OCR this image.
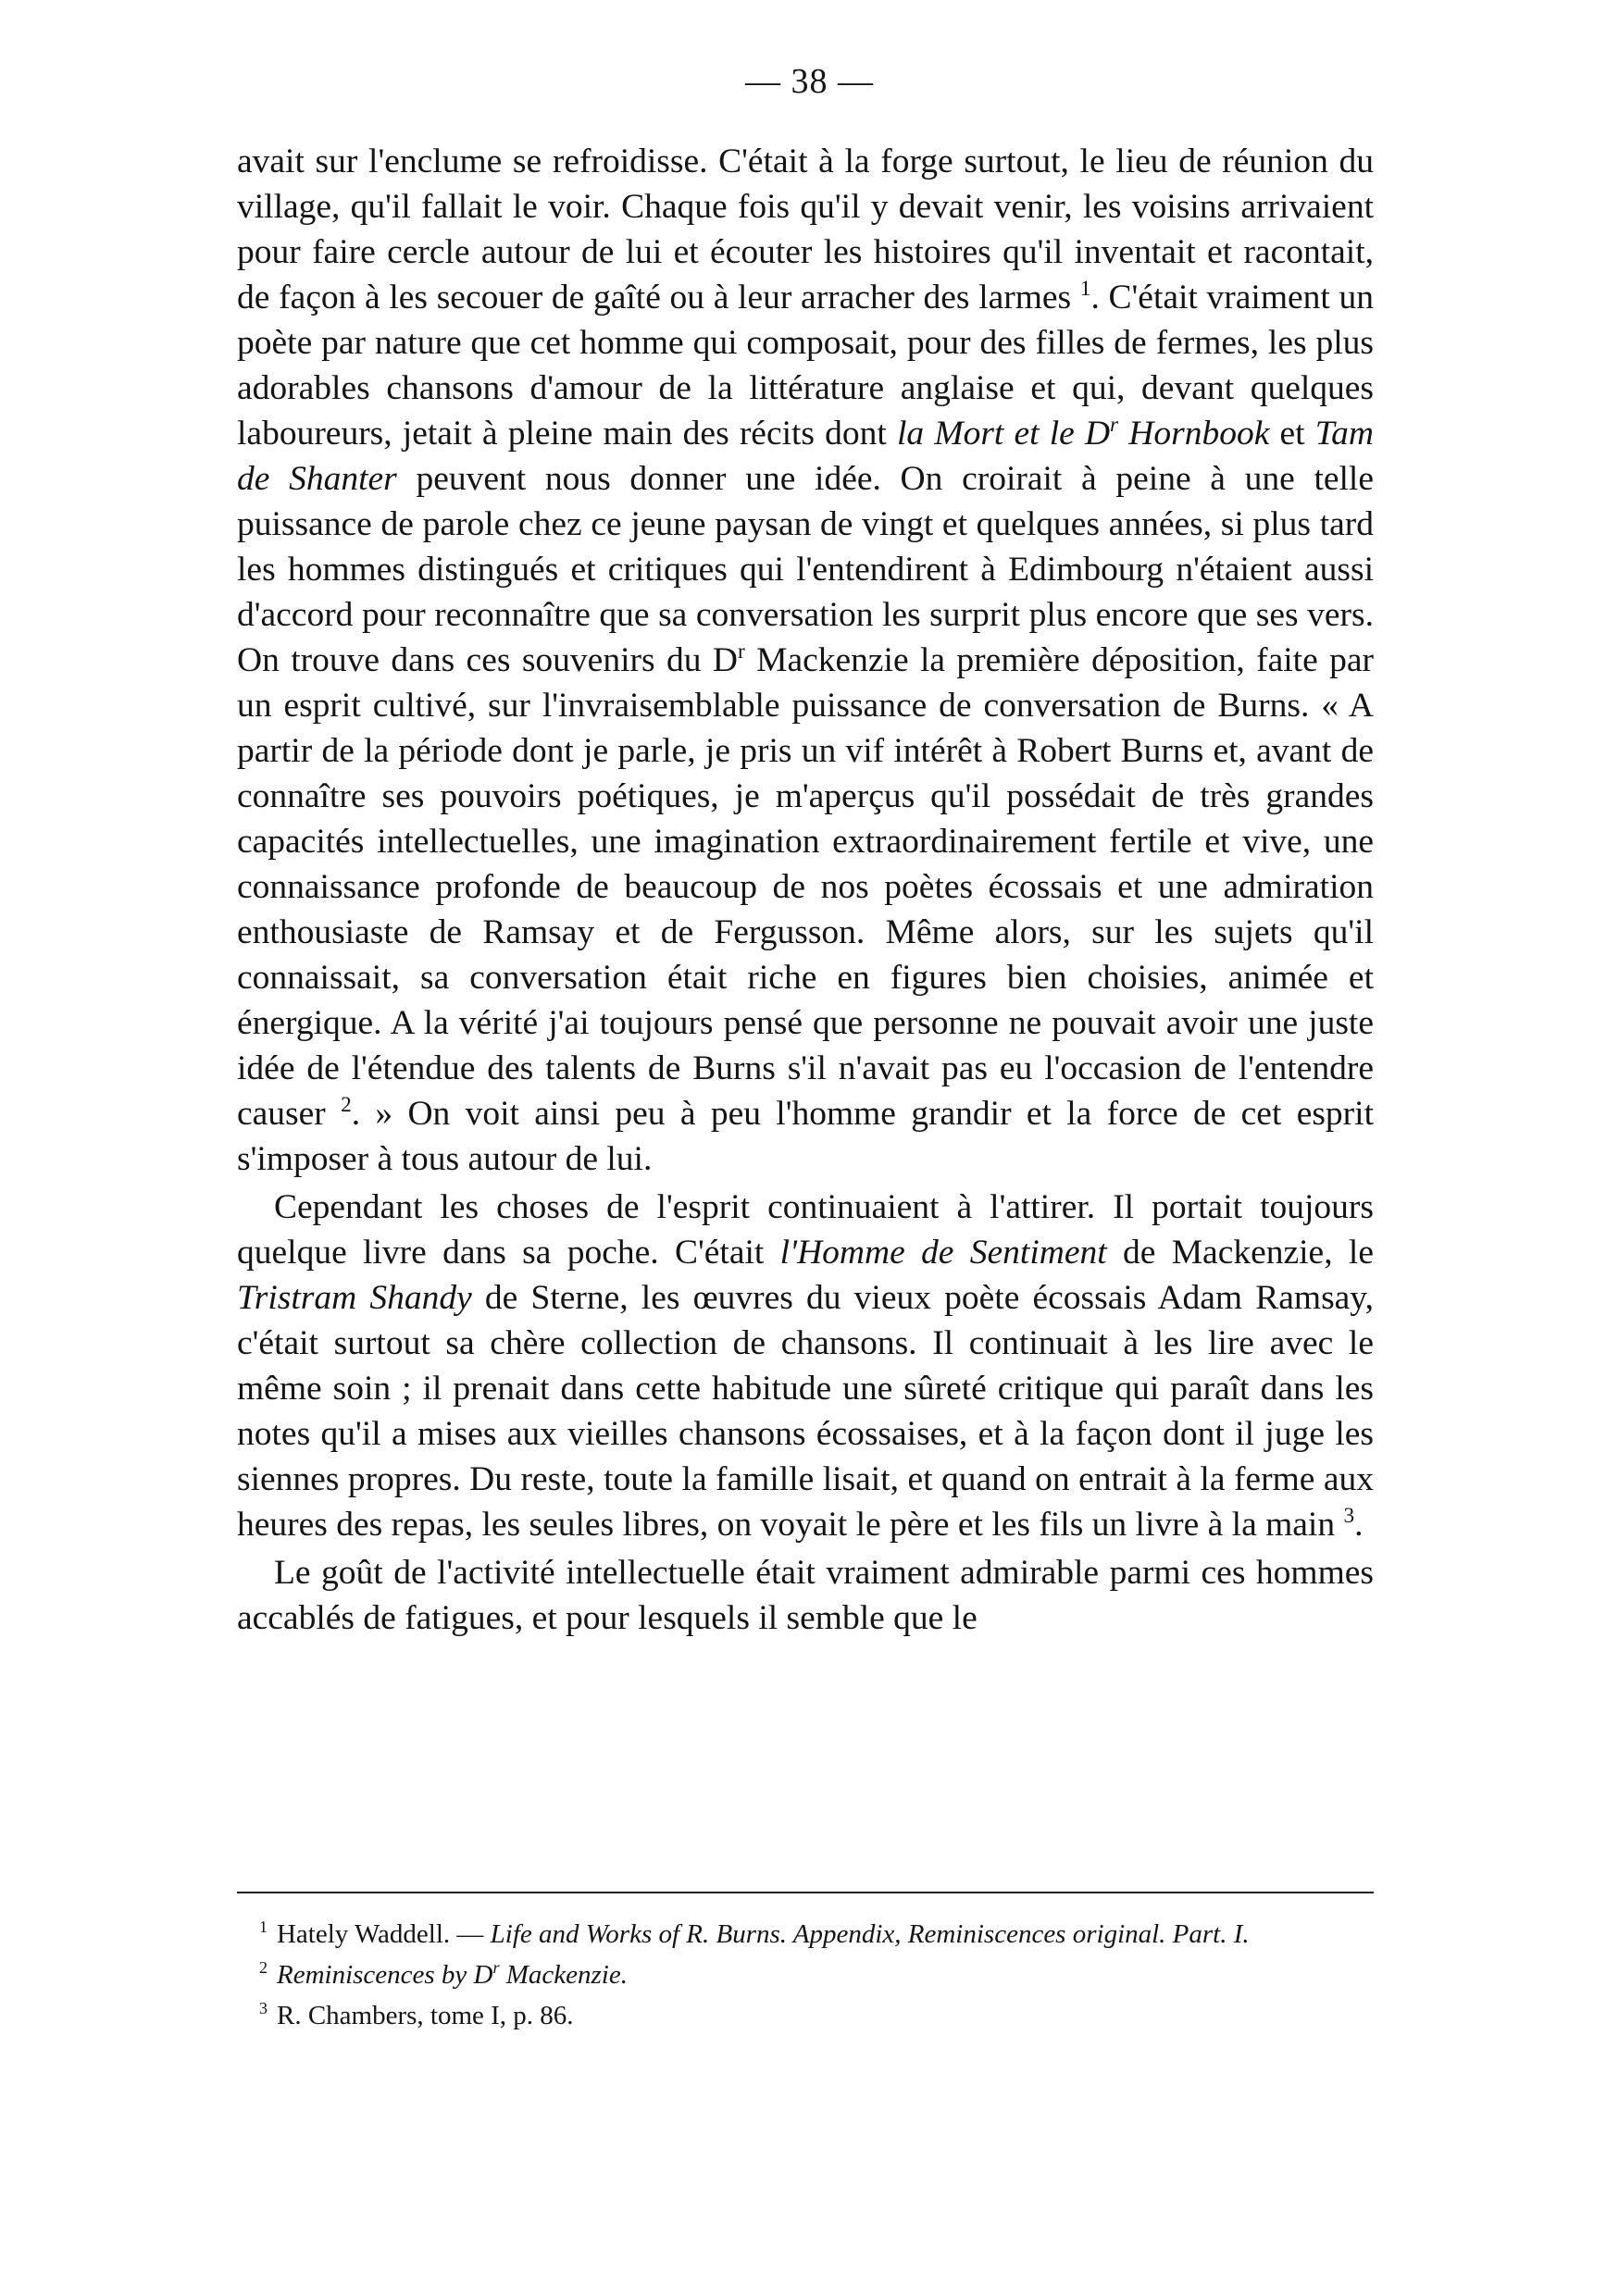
— 38 —

avait sur l'enclume se refroidisse. C'était à la forge surtout, le lieu de réunion du village, qu'il fallait le voir. Chaque fois qu'il y devait venir, les voisins arrivaient pour faire cercle autour de lui et écouter les histoires qu'il inventait et racontait, de façon à les secouer de gaîté ou à leur arracher des larmes $^1$. C'était vraiment un poète par nature que cet homme qui composait, pour des filles de fermes, les plus adorables chansons d'amour de la littérature anglaise et qui, devant quelques laboureurs, jetait à pleine main des récits dont la Mort et le $D^r$ Hornbook et Tam de Shanter peuvent nous donner une idée. On croirait à peine à une telle puissance de parole chez ce jeune paysan de vingt et quelques années, si plus tard les hommes distingués et critiques qui l'entendirent à Edimbourg n'étaient aussi d'accord pour reconnaître que sa conversation les surprit plus encore que ses vers. On trouve dans ces souvenirs du $D^r$ Mackenzie la première déposition, faite par un esprit cultivé, sur l'invraisemblable puissance de conversation de Burns. « A partir de la période dont je parle, je pris un vif intérêt à Robert Burns et, avant de connaître ses pouvoirs poétiques, je m'aperçus qu'il possédait de très grandes capacités intellectuelles, une imagination extraordinairement fertile et vive, une connaissance profonde de beaucoup de nos poètes écossais et une admiration enthousiaste de Ramsay et de Fergusson. Même alors, sur les sujets qu'il connaissait, sa conversation était riche en figures bien choisies, animée et énergique. A la vérité j'ai toujours pensé que personne ne pouvait avoir une juste idée de l'étendue des talents de Burns s'il n'avait pas eu l'occasion de l'entendre causer $^2$. » On voit ainsi peu à peu l'homme grandir et la force de cet esprit s'imposer à tous autour de lui.

Cependant les choses de l'esprit continuaient à l'attirer. Il portait toujours quelque livre dans sa poche. C'était l'Homme de Sentiment de Mackenzie, le Tristram Shandy de Sterne, les œuvres du vieux poète écossais Adam Ramsay, c'était surtout sa chère collection de chansons. Il continuait à les lire avec le même soin ; il prenait dans cette habitude une sûreté critique qui paraît dans les notes qu'il a mises aux vieilles chansons écossaises, et à la façon dont il juge les siennes propres. Du reste, toute la famille lisait, et quand on entrait à la ferme aux heures des repas, les seules libres, on voyait le père et les fils un livre à la main $^3$.

Le goût de l'activité intellectuelle était vraiment admirable parmi ces hommes accablés de fatigues, et pour lesquels il semble que le

$^1$ Hately Waddell. — Life and Works of R. Burns. Appendix, Reminiscences original. Part. I.
$^2$ Reminiscences by $D^r$ Mackenzie.
$^3$ R. Chambers, tome I, p. 86.
